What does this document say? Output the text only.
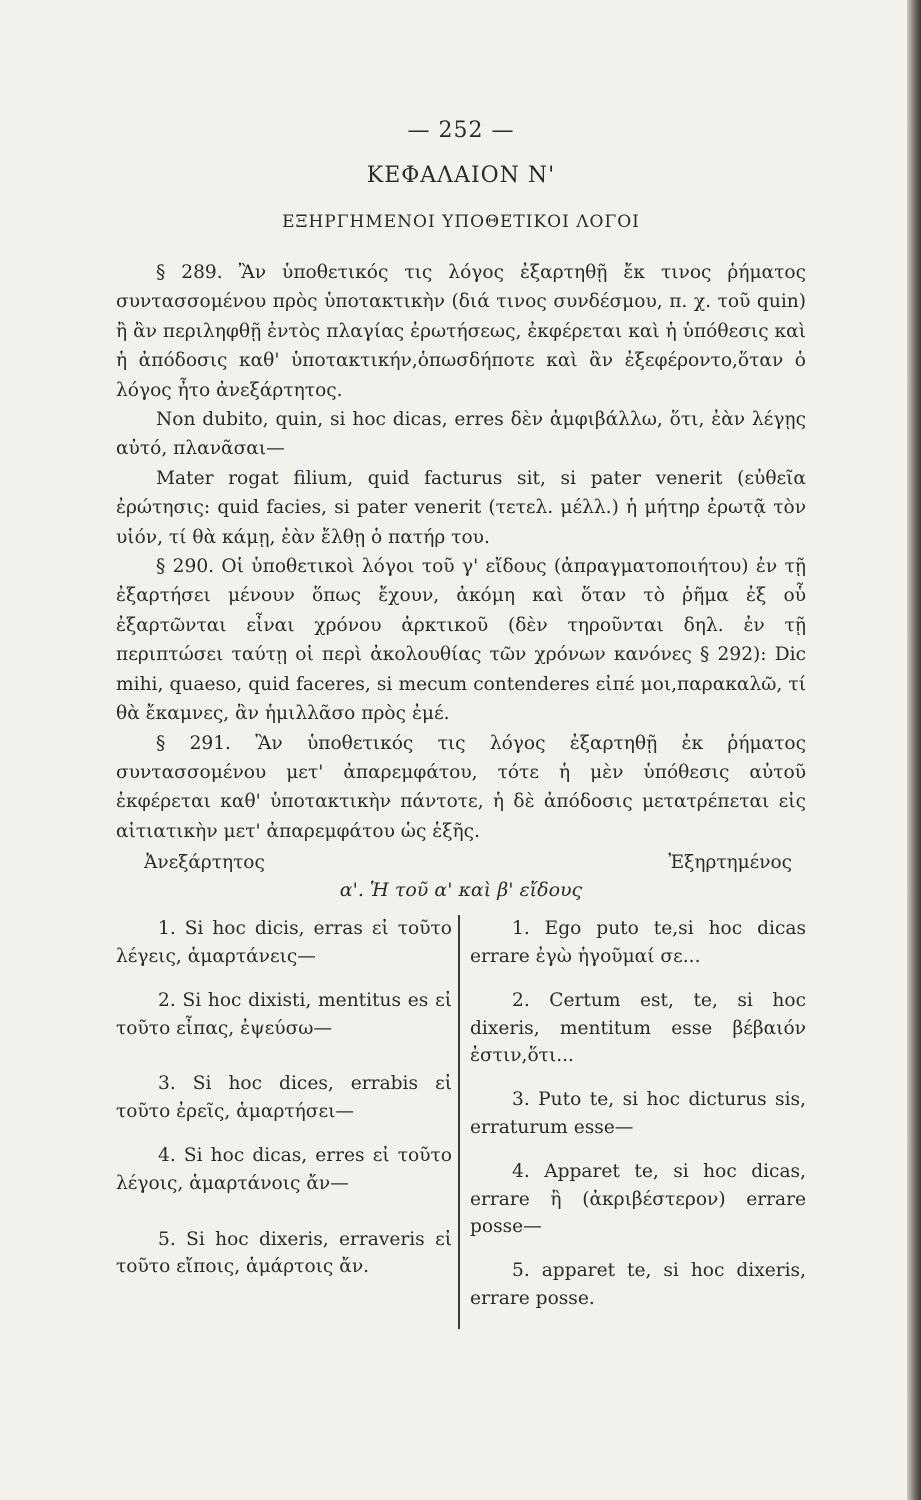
— 252 —
ΚΕΦΑΛΑΙΟΝ Ν'
ΕΞΗΡΓΗΜΕΝΟΙ ΥΠΟΘΕΤΙΚΟΙ ΛΟΓΟΙ

§ 289. Ἂν ὑποθετικός τις λόγος ἐξαρτηθῇ ἔκ τινος ῥήματος συντασσομένου πρὸς ὑποτακτικὴν (διά τινος συνδέσμου, π. χ. τοῦ quin) ἢ ἂν περιληφθῇ ἐντὸς πλαγίας ἐρωτήσεως, ἐκφέρεται καὶ ἡ ὑπόθεσις καὶ ἡ ἀπόδοσις καθ' ὑποτακτικήν,ὁπωσδήποτε καὶ ἂν ἐξεφέροντο,ὅταν ὁ λόγος ἦτο ἀνεξάρτητος.

Non dubito, quin, si hoc dicas, erres δὲν ἀμφιβάλλω, ὅτι, ἐὰν λέγῃς αὐτό, πλανᾶσαι—

Mater rogat filium, quid facturus sit, si pater venerit (εὐθεῖα ἐρώτησις: quid facies, si pater venerit (τετελ. μέλλ.) ἡ μήτηρ ἐρωτᾷ τὸν υἱόν, τί θὰ κάμῃ, ἐὰν ἔλθῃ ὁ πατήρ του.

§ 290. Οἱ ὑποθετικοὶ λόγοι τοῦ γ' εἴδους (ἀπραγματοποιήτου) ἐν τῇ ἐξαρτήσει μένουν ὅπως ἔχουν, ἀκόμη καὶ ὅταν τὸ ῥῆμα ἐξ οὗ ἐξαρτῶνται εἶναι χρόνου ἀρκτικοῦ (δὲν τηροῦνται δηλ. ἐν τῇ περιπτώσει ταύτῃ οἱ περὶ ἀκολουθίας τῶν χρόνων κανόνες § 292): Dic mihi, quaeso, quid faceres, si mecum contenderes εἰπέ μοι,παρακαλῶ, τί θὰ ἔκαμνες, ἂν ἡμιλλᾶσο πρὸς ἐμέ.

§ 291. Ἂν ὑποθετικός τις λόγος ἐξαρτηθῇ ἐκ ῥήματος συντασσομένου μετ' ἀπαρεμφάτου, τότε ἡ μὲν ὑπόθεσις αὐτοῦ ἐκφέρεται καθ' ὑποτακτικὴν πάντοτε, ἡ δὲ ἀπόδοσις μετατρέπεται εἰς αἰτιατικὴν μετ' ἀπαρεμφάτου ὡς ἑξῆς.

Ἀνεξάρτητος	Ἐξηρτημένος
α'. Ἡ τοῦ α' καὶ β' εἴδους
1. Si hoc dicis, erras εἰ τοῦτο λέγεις, ἁμαρτάνεις—
2. Si hoc dixisti, mentitus es εἰ τοῦτο εἶπας, ἐψεύσω—
3. Si hoc dices, errabis εἰ τοῦτο ἐρεῖς, ἁμαρτήσει—
4. Si hoc dicas, erres εἰ τοῦτο λέγοις, ἁμαρτάνοις ἄν—
5. Si hoc dixeris, erraveris εἰ τοῦτο εἴποις, ἁμάρτοις ἄν.
1. Ego puto te,si hoc dicas errare ἐγὼ ἡγοῦμαί σε...
2. Certum est, te, si hoc dixeris, mentitum esse βέβαιόν ἐστιν,ὅτι...
3. Puto te, si hoc dicturus sis, erraturum esse—
4. Apparet te, si hoc dicas, errare ἢ (ἀκριβέστερον) errare posse—
5. apparet te, si hoc dixeris, errare posse.
